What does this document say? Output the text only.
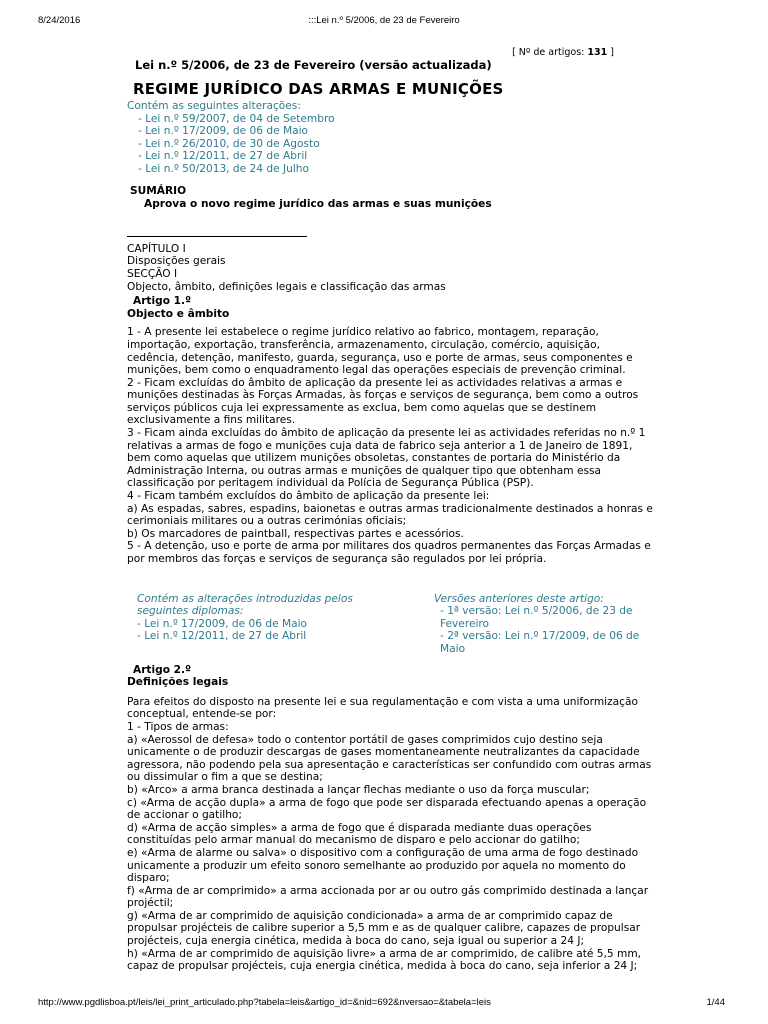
8/24/2016	:::Lei n.º 5/2006, de 23 de Fevereiro
[ Nº de artigos: 131 ]
Lei n.º 5/2006, de 23 de Fevereiro (versão actualizada)
REGIME JURÍDICO DAS ARMAS E MUNIÇÕES
Contém as seguintes alterações:
- Lei n.º 59/2007, de 04 de Setembro
- Lei n.º 17/2009, de 06 de Maio
- Lei n.º 26/2010, de 30 de Agosto
- Lei n.º 12/2011, de 27 de Abril
- Lei n.º 50/2013, de 24 de Julho
SUMÁRIO
Aprova o novo regime jurídico das armas e suas munições
CAPÍTULO I
Disposições gerais
SECÇÃO I
Objecto, âmbito, definições legais e classificação das armas
Artigo 1.º
Objecto e âmbito

1 - A presente lei estabelece o regime jurídico relativo ao fabrico, montagem, reparação, importação, exportação, transferência, armazenamento, circulação, comércio, aquisição, cedência, detenção, manifesto, guarda, segurança, uso e porte de armas, seus componentes e munições, bem como o enquadramento legal das operações especiais de prevenção criminal.

2 - Ficam excluídas do âmbito de aplicação da presente lei as actividades relativas a armas e munições destinadas às Forças Armadas, às forças e serviços de segurança, bem como a outros serviços públicos cuja lei expressamente as exclua, bem como aquelas que se destinem exclusivamente a fins militares.

3 - Ficam ainda excluídas do âmbito de aplicação da presente lei as actividades referidas no n.º 1 relativas a armas de fogo e munições cuja data de fabrico seja anterior a 1 de Janeiro de 1891, bem como aquelas que utilizem munições obsoletas, constantes de portaria do Ministério da Administração Interna, ou outras armas e munições de qualquer tipo que obtenham essa classificação por peritagem individual da Polícia de Segurança Pública (PSP).

4 - Ficam também excluídos do âmbito de aplicação da presente lei:

a) As espadas, sabres, espadins, baionetas e outras armas tradicionalmente destinados a honras e cerimoniais militares ou a outras cerimónias oficiais;

b) Os marcadores de paintball, respectivas partes e acessórios.

5 - A detenção, uso e porte de arma por militares dos quadros permanentes das Forças Armadas e por membros das forças e serviços de segurança são regulados por lei própria.

Contém as alterações introduzidas pelos seguintes diplomas:
- Lei n.º 17/2009, de 06 de Maio
- Lei n.º 12/2011, de 27 de Abril
Versões anteriores deste artigo:
- 1ª versão: Lei n.º 5/2006, de 23 de Fevereiro
- 2ª versão: Lei n.º 17/2009, de 06 de Maio
Artigo 2.º
Definições legais

Para efeitos do disposto na presente lei e sua regulamentação e com vista a uma uniformização conceptual, entende-se por:

1 - Tipos de armas:

a) «Aerossol de defesa» todo o contentor portátil de gases comprimidos cujo destino seja unicamente o de produzir descargas de gases momentaneamente neutralizantes da capacidade agressora, não podendo pela sua apresentação e características ser confundido com outras armas ou dissimular o fim a que se destina;

b) «Arco» a arma branca destinada a lançar flechas mediante o uso da força muscular;

c) «Arma de acção dupla» a arma de fogo que pode ser disparada efectuando apenas a operação de accionar o gatilho;

d) «Arma de acção simples» a arma de fogo que é disparada mediante duas operações constituídas pelo armar manual do mecanismo de disparo e pelo accionar do gatilho;

e) «Arma de alarme ou salva» o dispositivo com a configuração de uma arma de fogo destinado unicamente a produzir um efeito sonoro semelhante ao produzido por aquela no momento do disparo;

f) «Arma de ar comprimido» a arma accionada por ar ou outro gás comprimido destinada a lançar projéctil;

g) «Arma de ar comprimido de aquisição condicionada» a arma de ar comprimido capaz de propulsar projécteis de calibre superior a 5,5 mm e as de qualquer calibre, capazes de propulsar projécteis, cuja energia cinética, medida à boca do cano, seja igual ou superior a 24 J;

h) «Arma de ar comprimido de aquisição livre» a arma de ar comprimido, de calibre até 5,5 mm, capaz de propulsar projécteis, cuja energia cinética, medida à boca do cano, seja inferior a 24 J;

http://www.pgdlisboa.pt/leis/lei_print_articulado.php?tabela=leis&artigo_id=&nid=692&nversao=&tabela=leis	1/44
